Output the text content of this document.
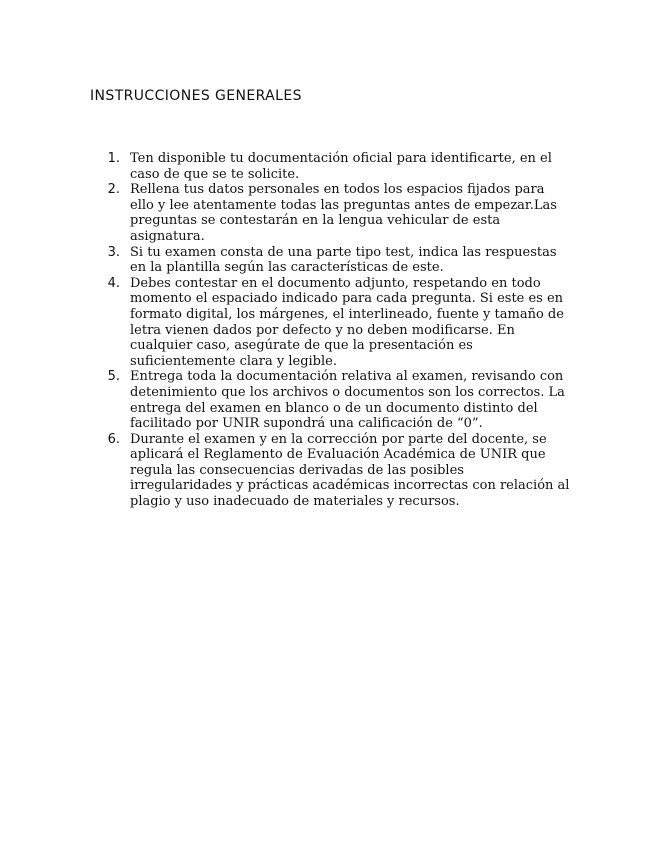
INSTRUCCIONES GENERALES
1. Ten disponible tu documentación oficial para identificarte, en el
caso de que se te solicite.
2. Rellena tus datos personales en todos los espacios fijados para
ello y lee atentamente todas las preguntas antes de empezar.Las
preguntas se contestarán en la lengua vehicular de esta
asignatura.
3. Si tu examen consta de una parte tipo test, indica las respuestas
en la plantilla según las características de este.
4. Debes contestar en el documento adjunto, respetando en todo
momento el espaciado indicado para cada pregunta. Si este es en
formato digital, los márgenes, el interlineado, fuente y tamaño de
letra vienen dados por defecto y no deben modificarse. En
cualquier caso, asegúrate de que la presentación es
suficientemente clara y legible.
5. Entrega toda la documentación relativa al examen, revisando con
detenimiento que los archivos o documentos son los correctos. La
entrega del examen en blanco o de un documento distinto del
facilitado por UNIR supondrá una calificación de “0”.
6. Durante el examen y en la corrección por parte del docente, se
aplicará el Reglamento de Evaluación Académica de UNIR que
regula las consecuencias derivadas de las posibles
irregularidades y prácticas académicas incorrectas con relación al
plagio y uso inadecuado de materiales y recursos.
